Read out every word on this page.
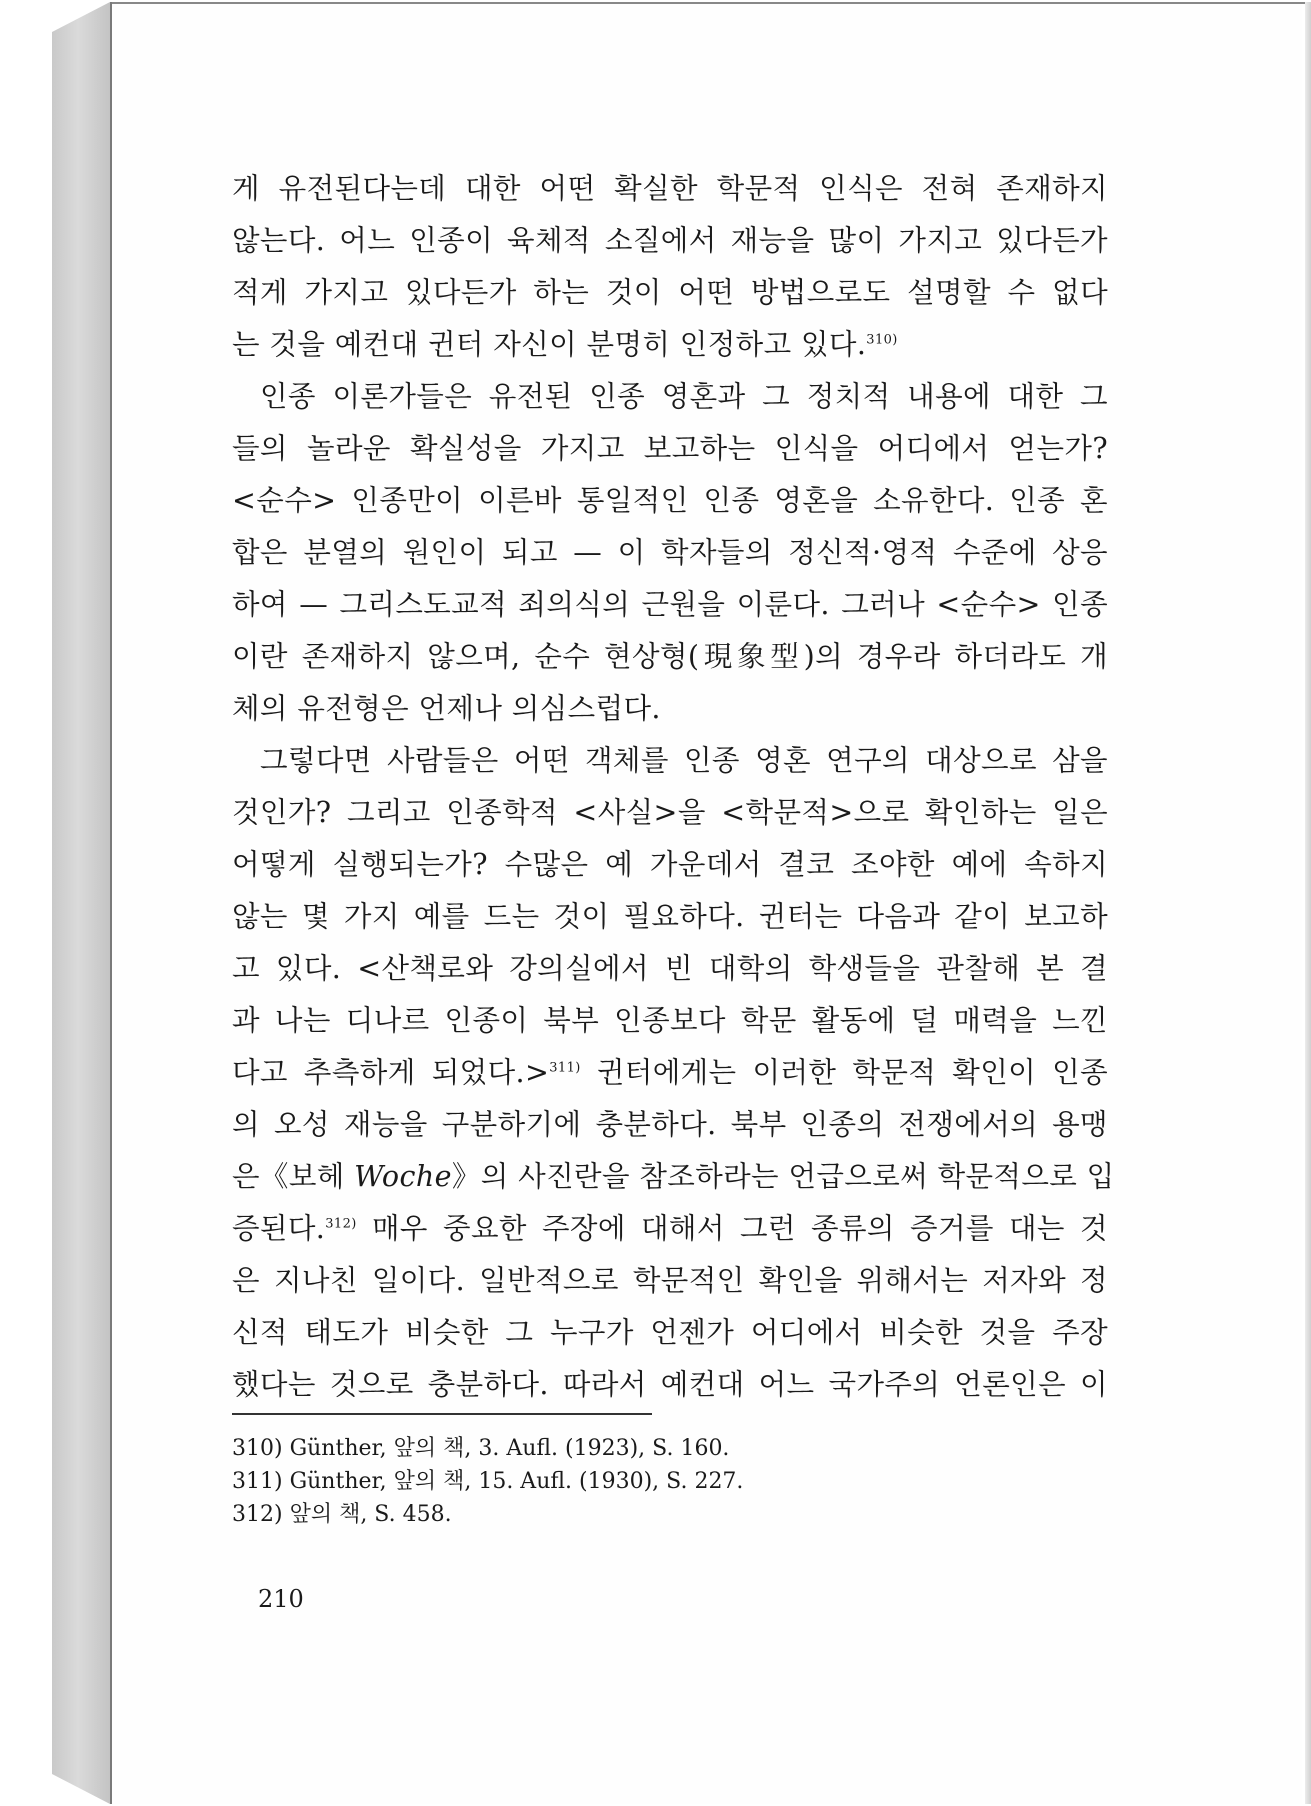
게 유전된다는데 대한 어떤 확실한 학문적 인식은 전혀 존재하지
않는다. 어느 인종이 육체적 소질에서 재능을 많이 가지고 있다든가
적게 가지고 있다든가 하는 것이 어떤 방법으로도 설명할 수 없다
는 것을 예컨대 귄터 자신이 분명히 인정하고 있다.$^{310)}$
인종 이론가들은 유전된 인종 영혼과 그 정치적 내용에 대한 그
들의 놀라운 확실성을 가지고 보고하는 인식을 어디에서 얻는가?
<순수> 인종만이 이른바 통일적인 인종 영혼을 소유한다. 인종 혼
합은 분열의 원인이 되고 — 이 학자들의 정신적·영적 수준에 상응
하여 — 그리스도교적 죄의식의 근원을 이룬다. 그러나 <순수> 인종
이란 존재하지 않으며, 순수 현상형(現象型)의 경우라 하더라도 개
체의 유전형은 언제나 의심스럽다.
그렇다면 사람들은 어떤 객체를 인종 영혼 연구의 대상으로 삼을
것인가? 그리고 인종학적 <사실>을 <학문적>으로 확인하는 일은
어떻게 실행되는가? 수많은 예 가운데서 결코 조야한 예에 속하지
않는 몇 가지 예를 드는 것이 필요하다. 귄터는 다음과 같이 보고하
고 있다. <산책로와 강의실에서 빈 대학의 학생들을 관찰해 본 결
과 나는 디나르 인종이 북부 인종보다 학문 활동에 덜 매력을 느낀
다고 추측하게 되었다.>$^{311)}$ 귄터에게는 이러한 학문적 확인이 인종
의 오성 재능을 구분하기에 충분하다. 북부 인종의 전쟁에서의 용맹
은《보헤 Woche》의 사진란을 참조하라는 언급으로써 학문적으로 입
증된다.$^{312)}$ 매우 중요한 주장에 대해서 그런 종류의 증거를 대는 것
은 지나친 일이다. 일반적으로 학문적인 확인을 위해서는 저자와 정
신적 태도가 비슷한 그 누구가 언젠가 어디에서 비슷한 것을 주장
했다는 것으로 충분하다. 따라서 예컨대 어느 국가주의 언론인은 이
310) Günther, 앞의 책, 3. Aufl. (1923), S. 160.
311) Günther, 앞의 책, 15. Aufl. (1930), S. 227.
312) 앞의 책, S. 458.
210
